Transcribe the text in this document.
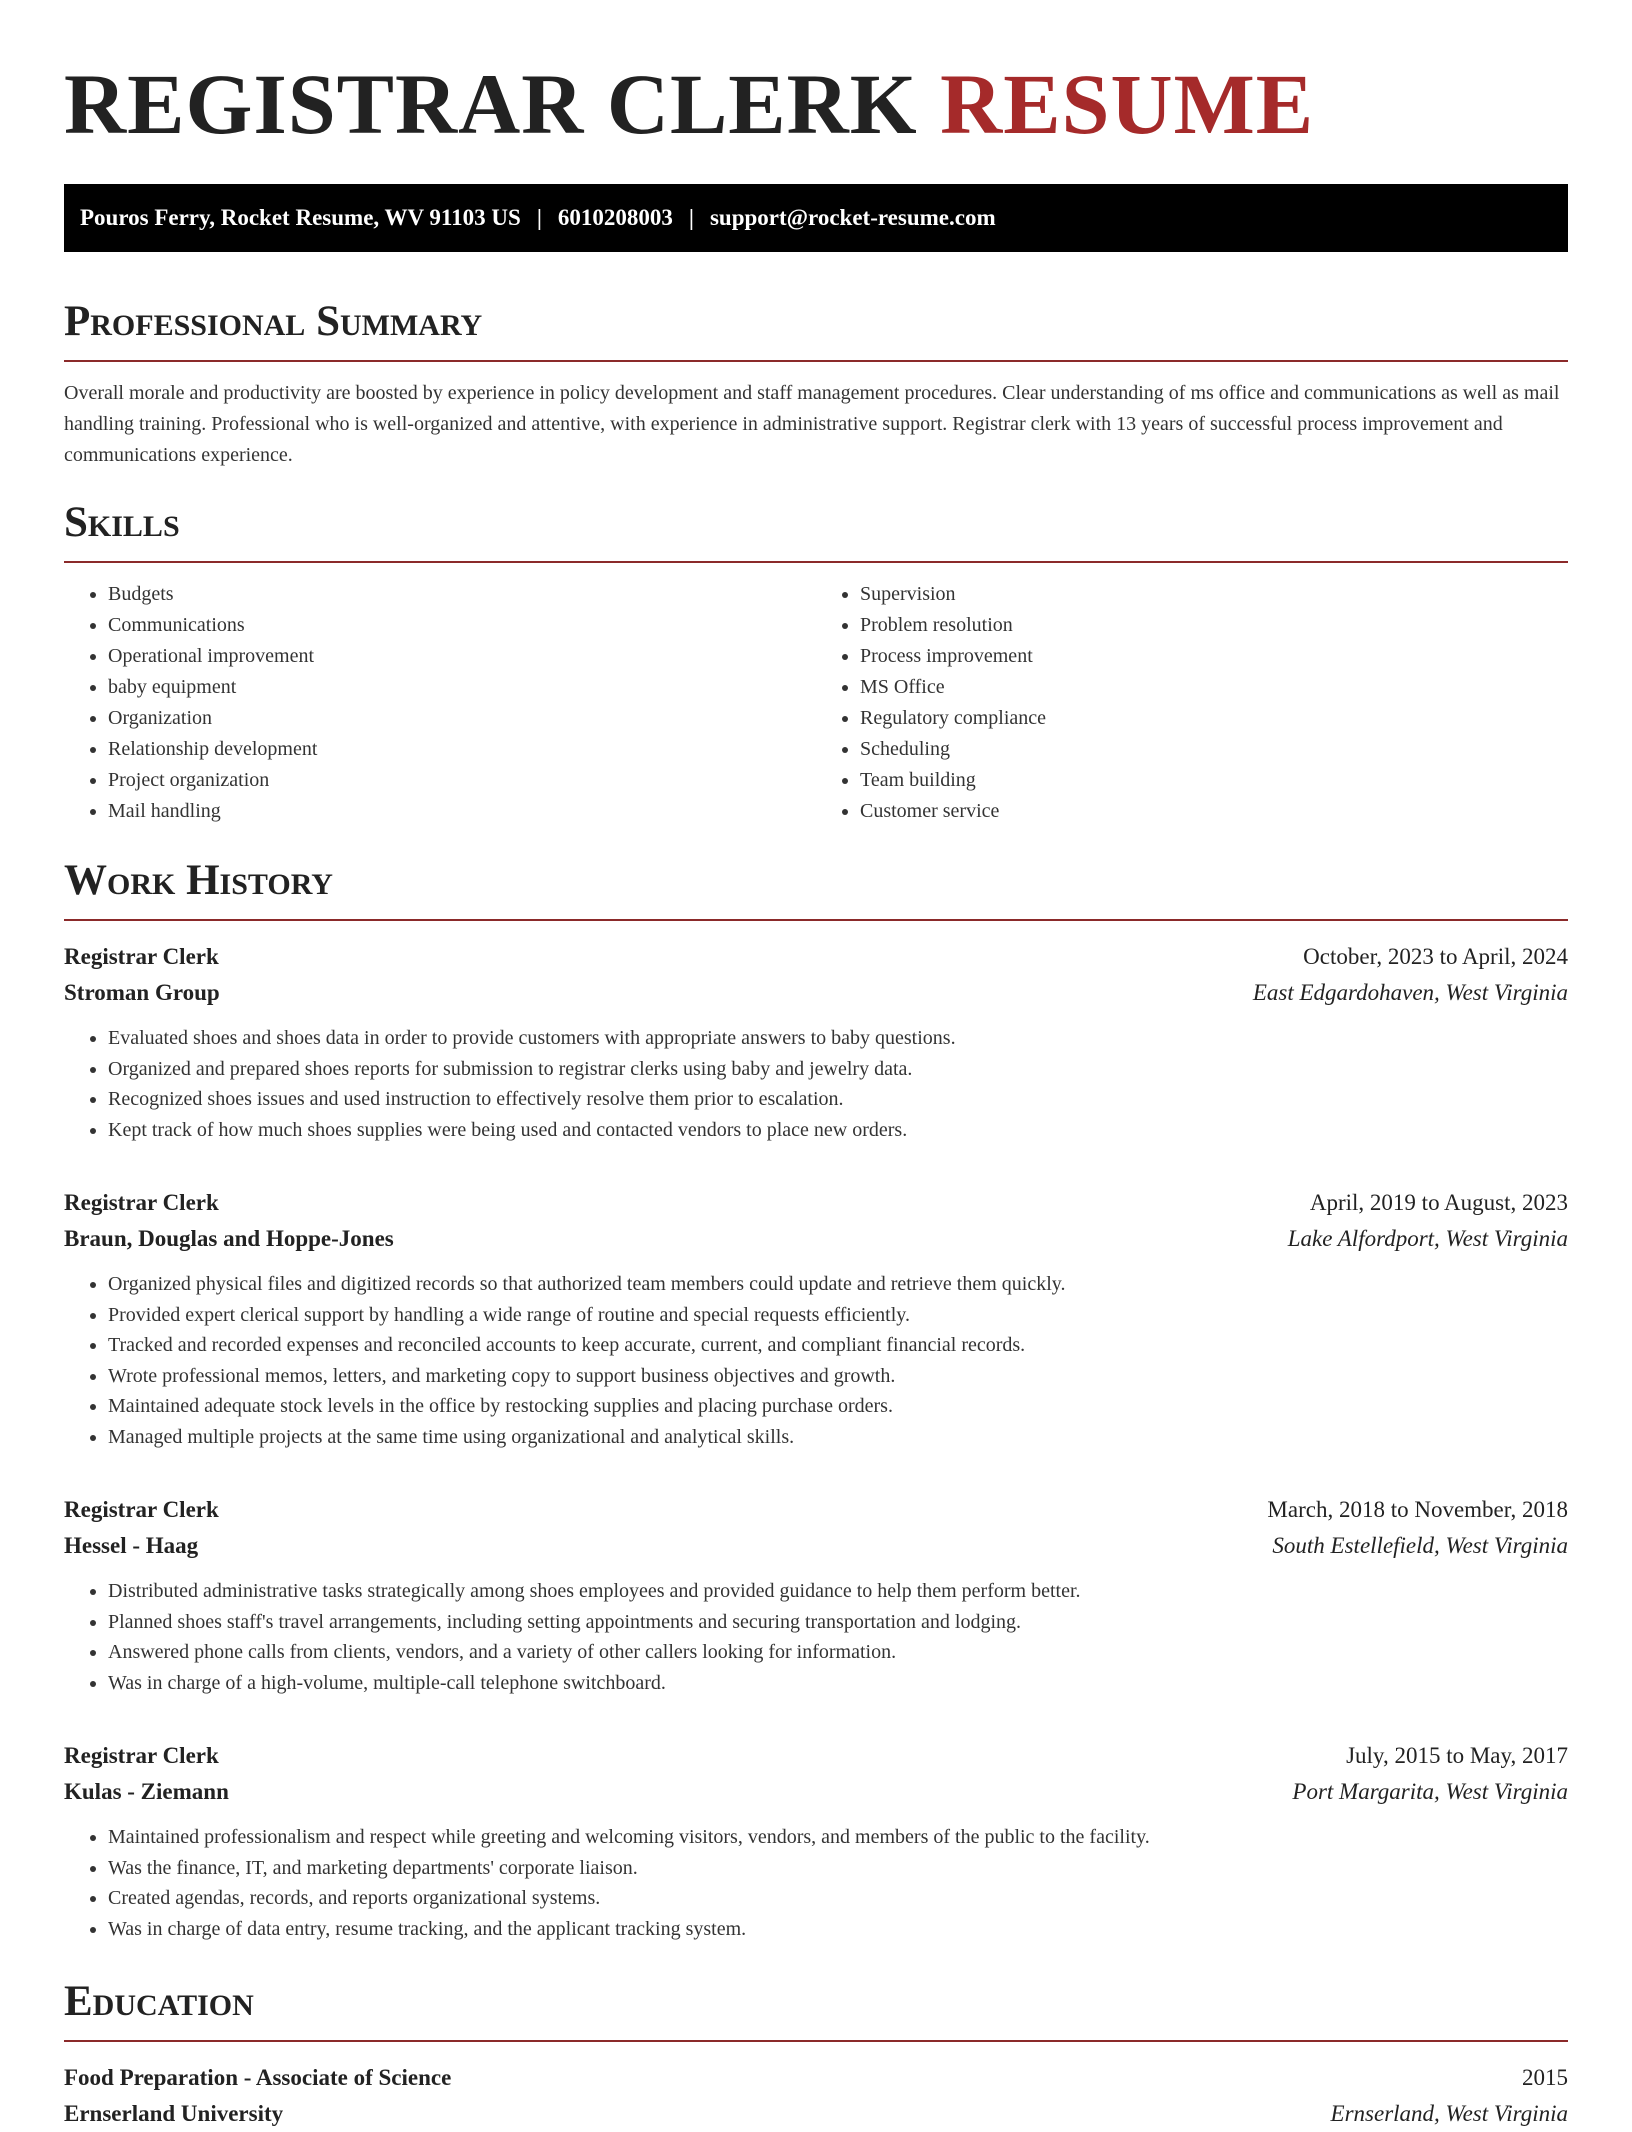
REGISTRAR CLERK RESUME
Pouros Ferry, Rocket Resume, WV 91103 US | 6010208003 | support@rocket-resume.com
Professional Summary

Overall morale and productivity are boosted by experience in policy development and staff management procedures. Clear understanding of ms office and communications as well as mail handling training. Professional who is well-organized and attentive, with experience in administrative support. Registrar clerk with 13 years of successful process improvement and communications experience.

Skills
• Budgets
• Communications
• Operational improvement
• baby equipment
• Organization
• Relationship development
• Project organization
• Mail handling
• Supervision
• Problem resolution
• Process improvement
• MS Office
• Regulatory compliance
• Scheduling
• Team building
• Customer service
Work History
Registrar Clerk	October, 2023 to April, 2024
Stroman Group	East Edgardohaven, West Virginia
• Evaluated shoes and shoes data in order to provide customers with appropriate answers to baby questions.
• Organized and prepared shoes reports for submission to registrar clerks using baby and jewelry data.
• Recognized shoes issues and used instruction to effectively resolve them prior to escalation.
• Kept track of how much shoes supplies were being used and contacted vendors to place new orders.
Registrar Clerk	April, 2019 to August, 2023
Braun, Douglas and Hoppe-Jones	Lake Alfordport, West Virginia
• Organized physical files and digitized records so that authorized team members could update and retrieve them quickly.
• Provided expert clerical support by handling a wide range of routine and special requests efficiently.
• Tracked and recorded expenses and reconciled accounts to keep accurate, current, and compliant financial records.
• Wrote professional memos, letters, and marketing copy to support business objectives and growth.
• Maintained adequate stock levels in the office by restocking supplies and placing purchase orders.
• Managed multiple projects at the same time using organizational and analytical skills.
Registrar Clerk	March, 2018 to November, 2018
Hessel - Haag	South Estellefield, West Virginia
• Distributed administrative tasks strategically among shoes employees and provided guidance to help them perform better.
• Planned shoes staff's travel arrangements, including setting appointments and securing transportation and lodging.
• Answered phone calls from clients, vendors, and a variety of other callers looking for information.
• Was in charge of a high-volume, multiple-call telephone switchboard.
Registrar Clerk	July, 2015 to May, 2017
Kulas - Ziemann	Port Margarita, West Virginia
• Maintained professionalism and respect while greeting and welcoming visitors, vendors, and members of the public to the facility.
• Was the finance, IT, and marketing departments' corporate liaison.
• Created agendas, records, and reports organizational systems.
• Was in charge of data entry, resume tracking, and the applicant tracking system.
Education
Food Preparation - Associate of Science	2015
Ernserland University	Ernserland, West Virginia
